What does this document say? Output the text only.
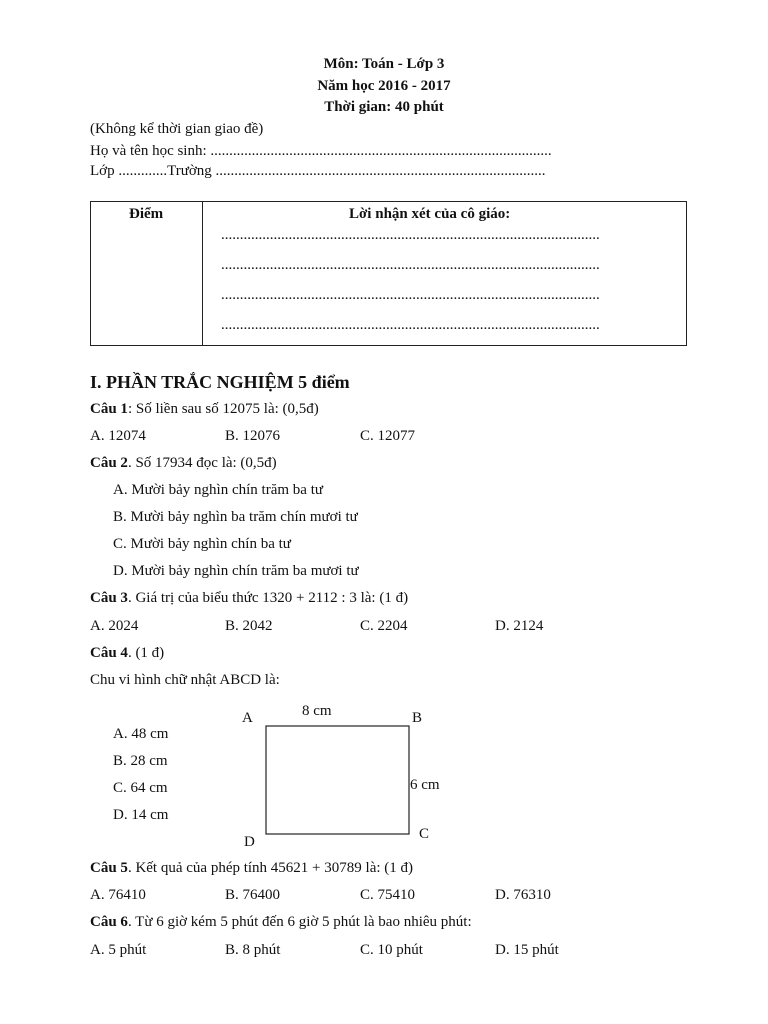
Môn: Toán - Lớp 3
Năm học 2016 - 2017
Thời gian: 40 phút
(Không kể thời gian giao đề)
Họ và tên học sinh: ...........................................................................................
Lớp .............Trường ........................................................................................
Điểm	Lời nhận xét của cô giáo:
.....................................................................................................
.....................................................................................................
.....................................................................................................
.....................................................................................................
I. PHẦN TRẮC NGHIỆM 5 điểm
Câu 1: Số liền sau số 12075 là: (0,5đ)
A. 12074	B. 12076	C. 12077
Câu 2. Số 17934 đọc là: (0,5đ)
A. Mười bảy nghìn chín trăm ba tư
B. Mười bảy nghìn ba trăm chín mươi tư
C. Mười bảy nghìn chín ba tư
D. Mười bảy nghìn chín trăm ba mươi tư
Câu 3. Giá trị của biểu thức 1320 + 2112 : 3 là: (1 đ)
A. 2024	B. 2042	C. 2204	D. 2124
Câu 4. (1 đ)
Chu vi hình chữ nhật ABCD là:
A. 48 cm
B. 28 cm
C. 64 cm
D. 14 cm
A	B
C
D
8 cm
6 cm
Câu 5. Kết quả của phép tính 45621 + 30789 là: (1 đ)
A. 76410	B. 76400	C. 75410	D. 76310
Câu 6. Từ 6 giờ kém 5 phút đến 6 giờ 5 phút là bao nhiêu phút:
A. 5 phút	B. 8 phút	C. 10 phút	D. 15 phút
